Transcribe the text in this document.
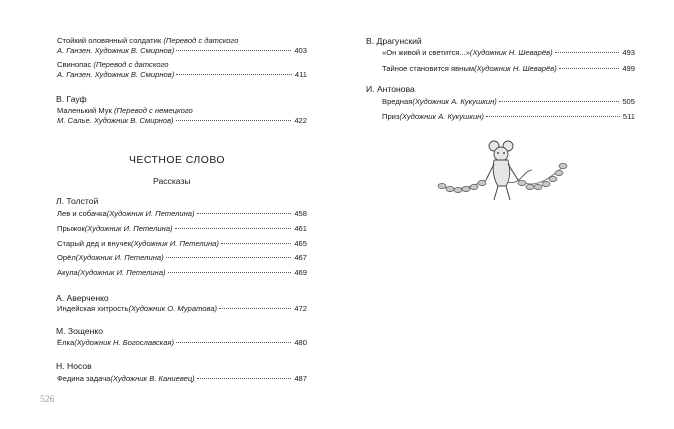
Стойкий оловянный солдатик (Перевод с датского
А. Ганзен. Художник В. Смирнов)	403
Свинопас (Перевод с датского
А. Ганзен. Художник В. Смирнов)	411
В. Гауф
Маленький Мук (Перевод с немецкого
М. Салье. Художник В. Смирнов)	422
ЧЕСТНОЕ СЛОВО
Рассказы
Л. Толстой
Лев и собачка (Художник И. Петелина)	458
Прыжок (Художник И. Петелина)	461
Старый дед и внучек (Художник И. Петелина)	465
Орёл (Художник И. Петелина)	467
Акула (Художник И. Петелина)	469
А. Аверченко
Индейская хитрость (Художник О. Муратова)	472
М. Зощенко
Ёлка (Художник Н. Богославская)	480
Н. Носов
Федина задача (Художник В. Каниевец)	487
526
В. Драгунский
«Он живой и светится...» (Художник Н. Шеварёв)	493
Тайное становится явным (Художник Н. Шеварёв)	499
И. Антонова
Вредная (Художник А. Кукушкин)	505
Приз (Художник А. Кукушкин)	511
